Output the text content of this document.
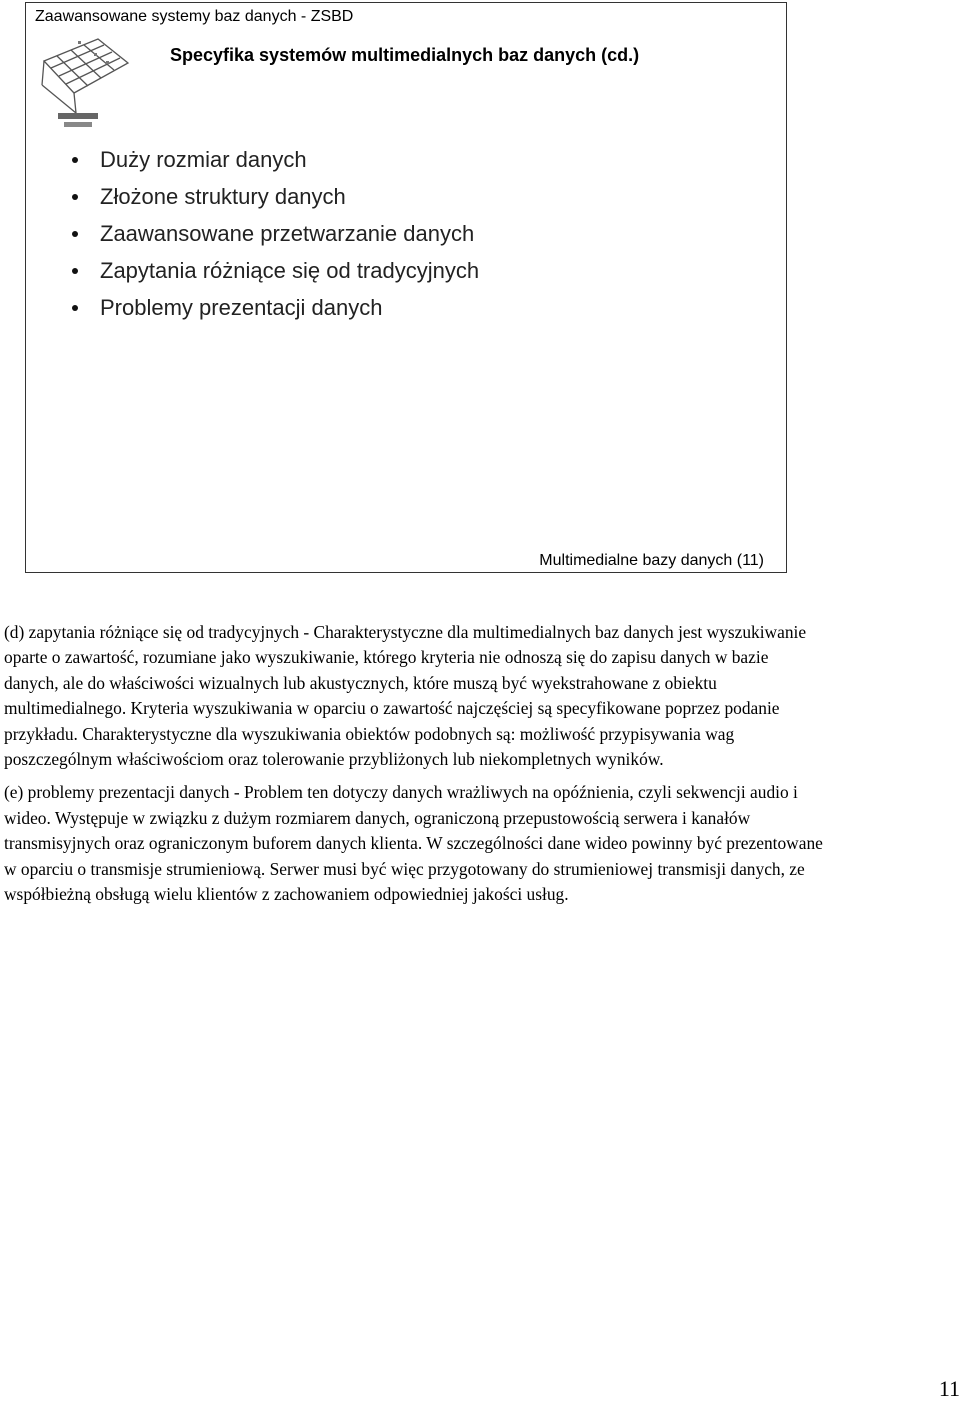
Zaawansowane systemy baz danych - ZSBD
Specyfika systemów multimedialnych baz danych (cd.)
Duży rozmiar danych
Złożone struktury danych
Zaawansowane przetwarzanie danych
Zapytania różniące się od tradycyjnych
Problemy prezentacji danych
Multimedialne bazy danych (11)

(d) zapytania różniące się od tradycyjnych - Charakterystyczne dla multimedialnych baz danych jest wyszukiwanie oparte o zawartość, rozumiane jako wyszukiwanie, którego kryteria nie odnoszą się do zapisu danych w bazie danych, ale do właściwości wizualnych lub akustycznych, które muszą być wyekstrahowane z obiektu multimedialnego. Kryteria wyszukiwania w oparciu o zawartość najczęściej są specyfikowane poprzez podanie przykładu. Charakterystyczne dla wyszukiwania obiektów podobnych są: możliwość przypisywania wag poszczególnym właściwościom oraz tolerowanie przybliżonych lub niekompletnych wyników.

(e) problemy prezentacji danych - Problem ten dotyczy danych wrażliwych na opóźnienia, czyli sekwencji audio i wideo. Występuje w związku z dużym rozmiarem danych, ograniczoną przepustowością serwera i kanałów transmisyjnych oraz ograniczonym buforem danych klienta. W szczególności dane wideo powinny być prezentowane w oparciu o transmisje strumieniową. Serwer musi być więc przygotowany do strumieniowej transmisji danych, ze współbieżną obsługą wielu klientów z zachowaniem odpowiedniej jakości usług.

11
